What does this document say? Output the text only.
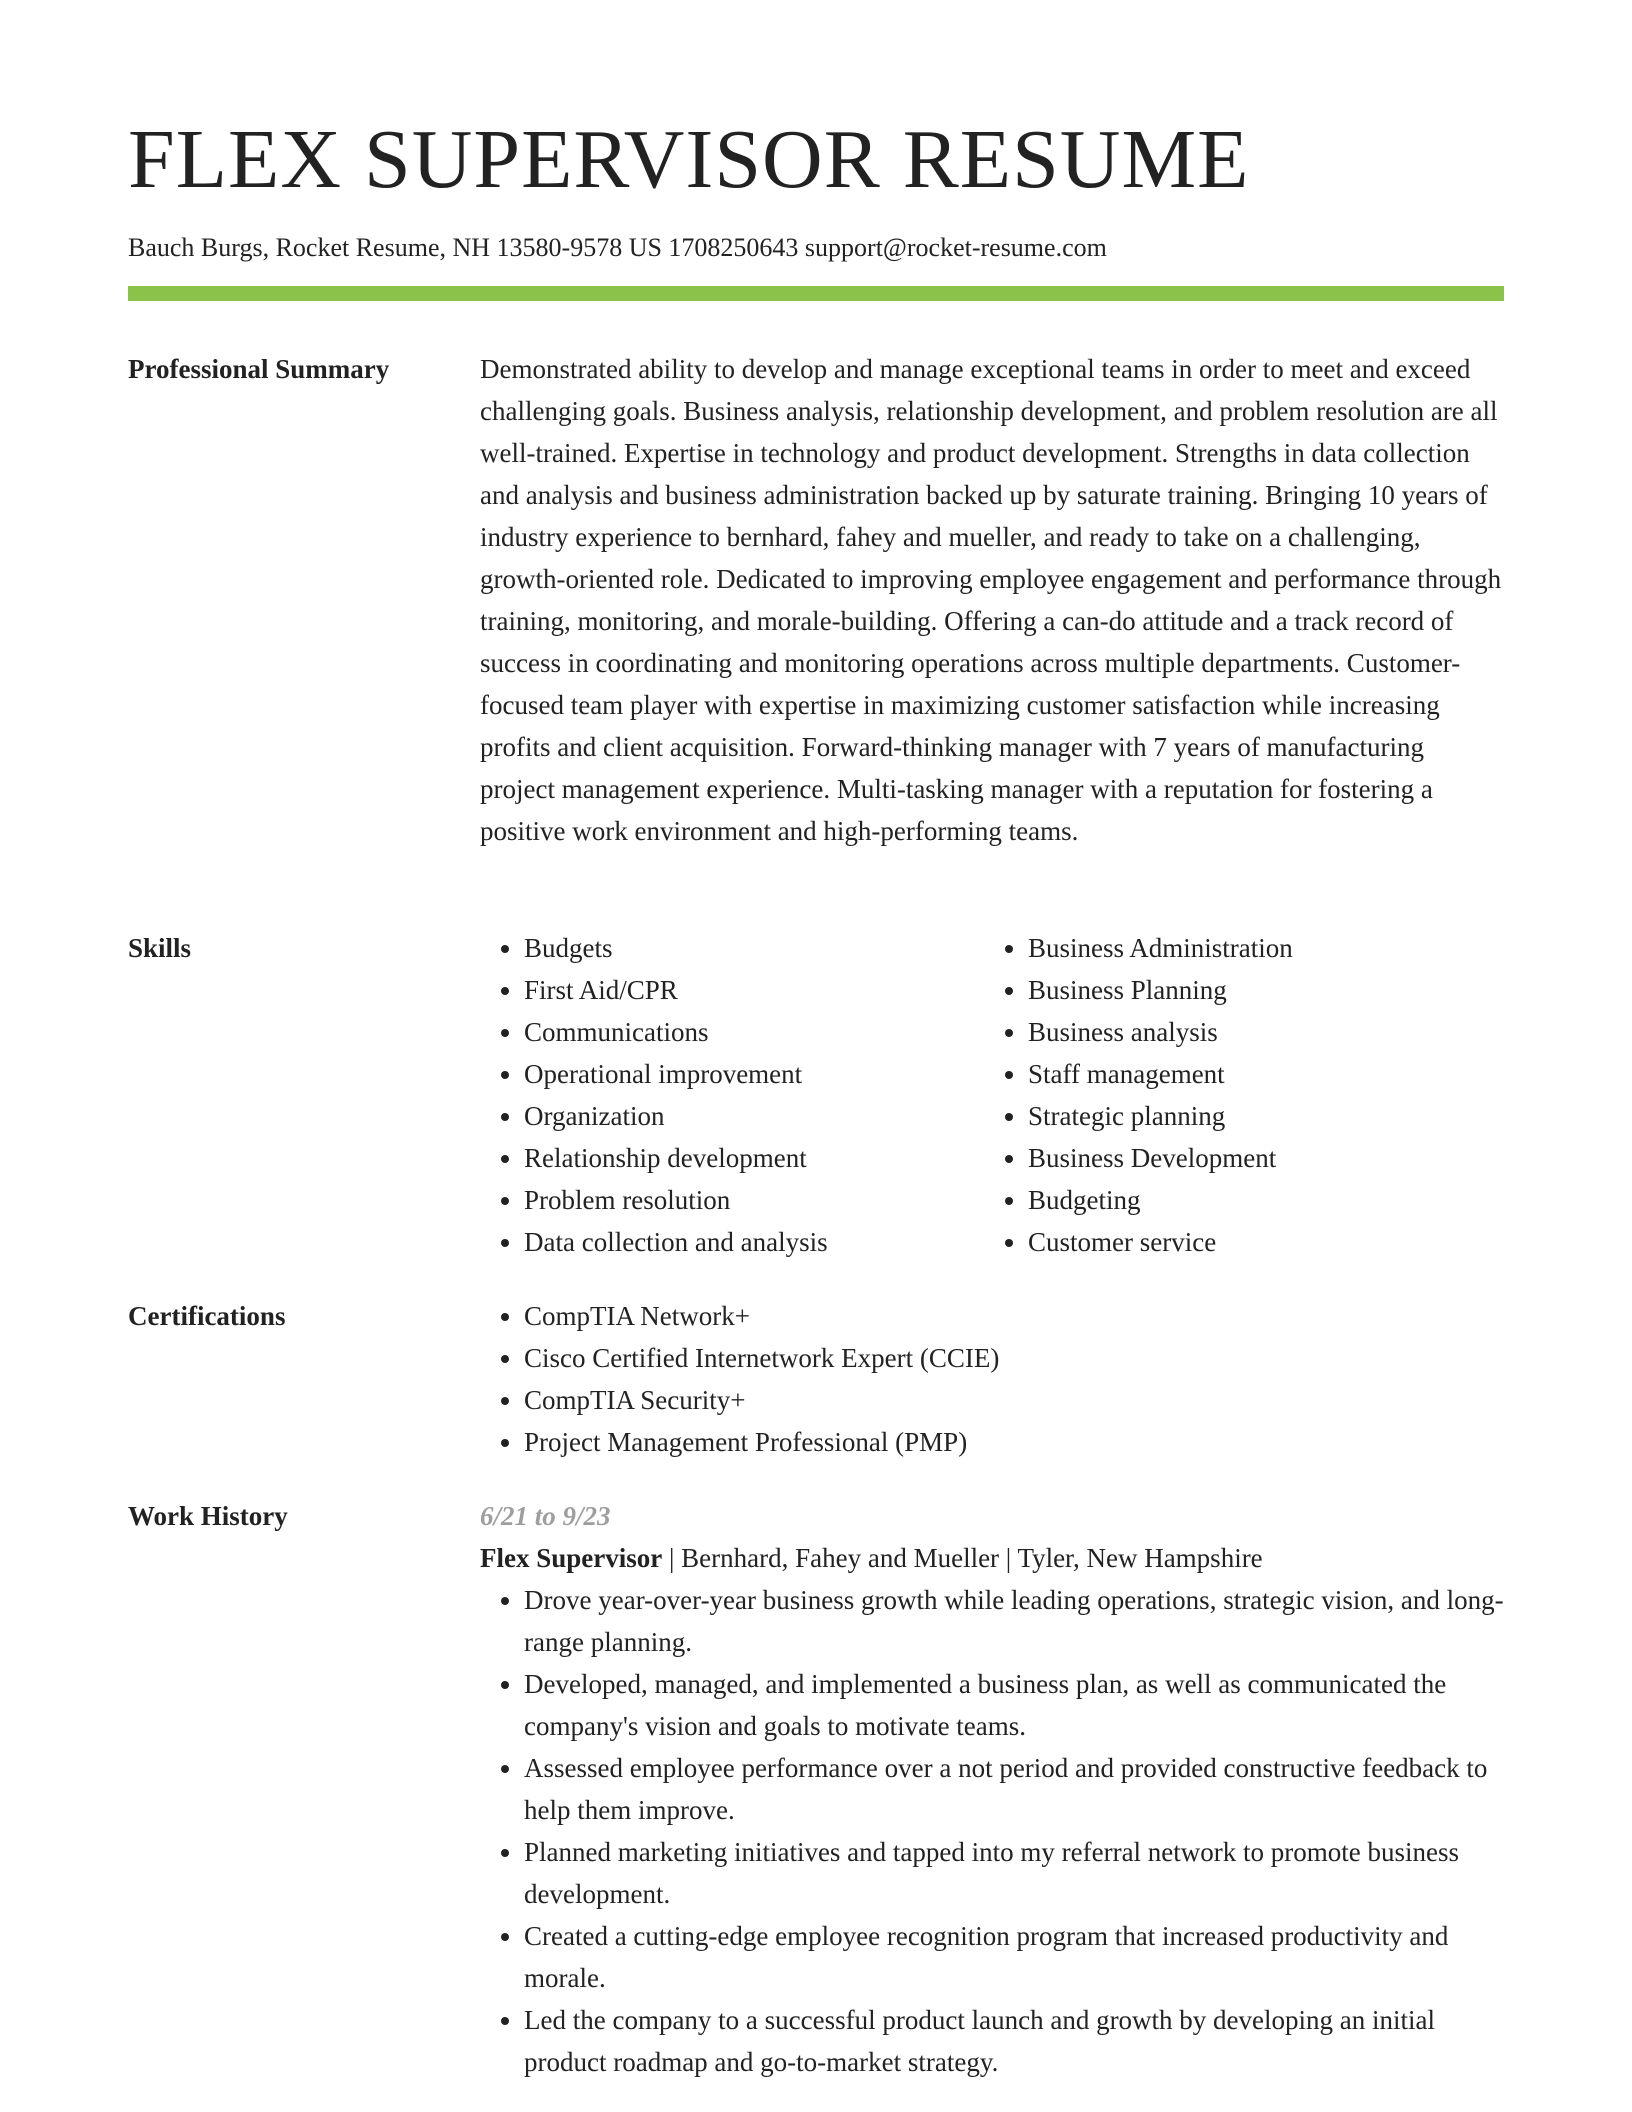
FLEX SUPERVISOR RESUME
Bauch Burgs, Rocket Resume, NH 13580-9578 US 1708250643 support@rocket-resume.com
Professional Summary	Demonstrated ability to develop and manage exceptional teams in order to meet and exceed challenging goals. Business analysis, relationship development, and problem resolution are all well-trained. Expertise in technology and product development. Strengths in data collection and analysis and business administration backed up by saturate training. Bringing 10 years of industry experience to bernhard, fahey and mueller, and ready to take on a challenging, growth-oriented role. Dedicated to improving employee engagement and performance through training, monitoring, and morale-building. Offering a can-do attitude and a track record of success in coordinating and monitoring operations across multiple departments. Customer-focused team player with expertise in maximizing customer satisfaction while increasing profits and client acquisition. Forward-thinking manager with 7 years of manufacturing project management experience. Multi-tasking manager with a reputation for fostering a positive work environment and high-performing teams.

Skills	• Budgets
• First Aid/CPR
• Communications
• Operational improvement
• Organization
• Relationship development
• Problem resolution
• Data collection and analysis
• Business Administration
• Business Planning
• Business analysis
• Staff management
• Strategic planning
• Business Development
• Budgeting
• Customer service
Certifications	• CompTIA Network+
• Cisco Certified Internetwork Expert (CCIE)
• CompTIA Security+
• Project Management Professional (PMP)
Work History	6/21 to 9/23
Flex Supervisor | Bernhard, Fahey and Mueller | Tyler, New Hampshire
• Drove year-over-year business growth while leading operations, strategic vision, and long-range planning.
• Developed, managed, and implemented a business plan, as well as communicated the company's vision and goals to motivate teams.
• Assessed employee performance over a not period and provided constructive feedback to help them improve.
• Planned marketing initiatives and tapped into my referral network to promote business development.
• Created a cutting-edge employee recognition program that increased productivity and morale.
• Led the company to a successful product launch and growth by developing an initial product roadmap and go-to-market strategy.
